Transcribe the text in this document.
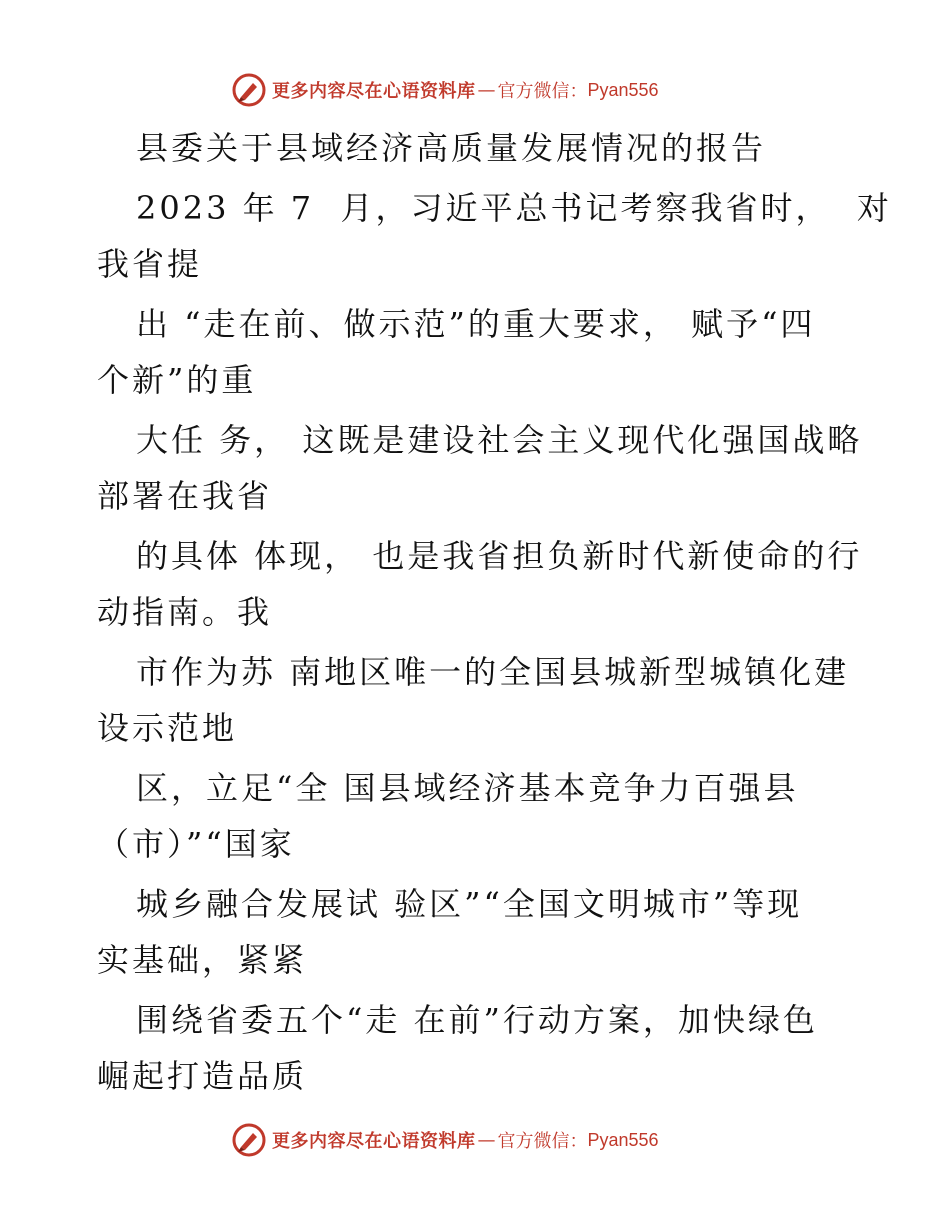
更多内容尽在心语资料库 — 官方微信： Pyan556
县委关于县域经济高质量发展情况的报告
2023 年 7  月，习近平总书记考察我省时，  对
我省提
出 “走在前、做示范”的重大要求， 赋予“四
个新”的重
大任 务， 这既是建设社会主义现代化强国战略
部署在我省
的具体 体现， 也是我省担负新时代新使命的行
动指南。我
市作为苏 南地区唯一的全国县城新型城镇化建
设示范地
区，立足“全 国县域经济基本竞争力百强县
（市）”“国家
城乡融合发展试 验区”“全国文明城市”等现
实基础，紧紧
围绕省委五个“走 在前”行动方案，加快绿色
崛起打造品质
更多内容尽在心语资料库 — 官方微信： Pyan556
